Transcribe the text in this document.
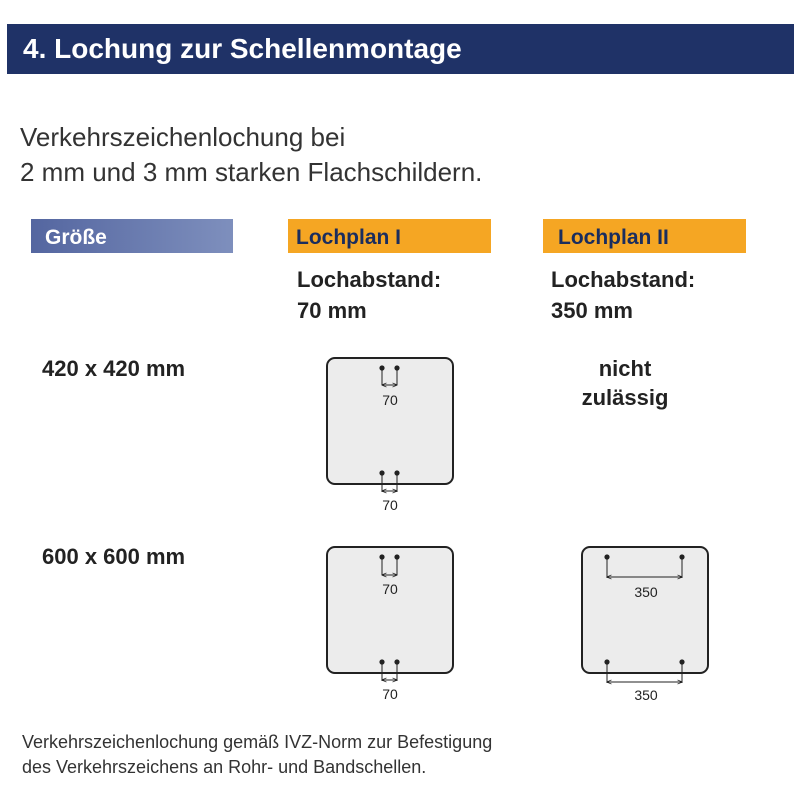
4. Lochung zur Schellenmontage
Verkehrszeichenlochung bei
2 mm und 3 mm starken Flachschildern.
Größe	Lochplan I	Lochplan II
Lochabstand:
70 mm
Lochabstand:
350 mm
420 x 420 mm
600 x 600 mm
nicht
zulässig
70
70
70
70
350
350
Verkehrszeichenlochung gemäß IVZ-Norm zur Befestigung
des Verkehrszeichens an Rohr- und Bandschellen.
